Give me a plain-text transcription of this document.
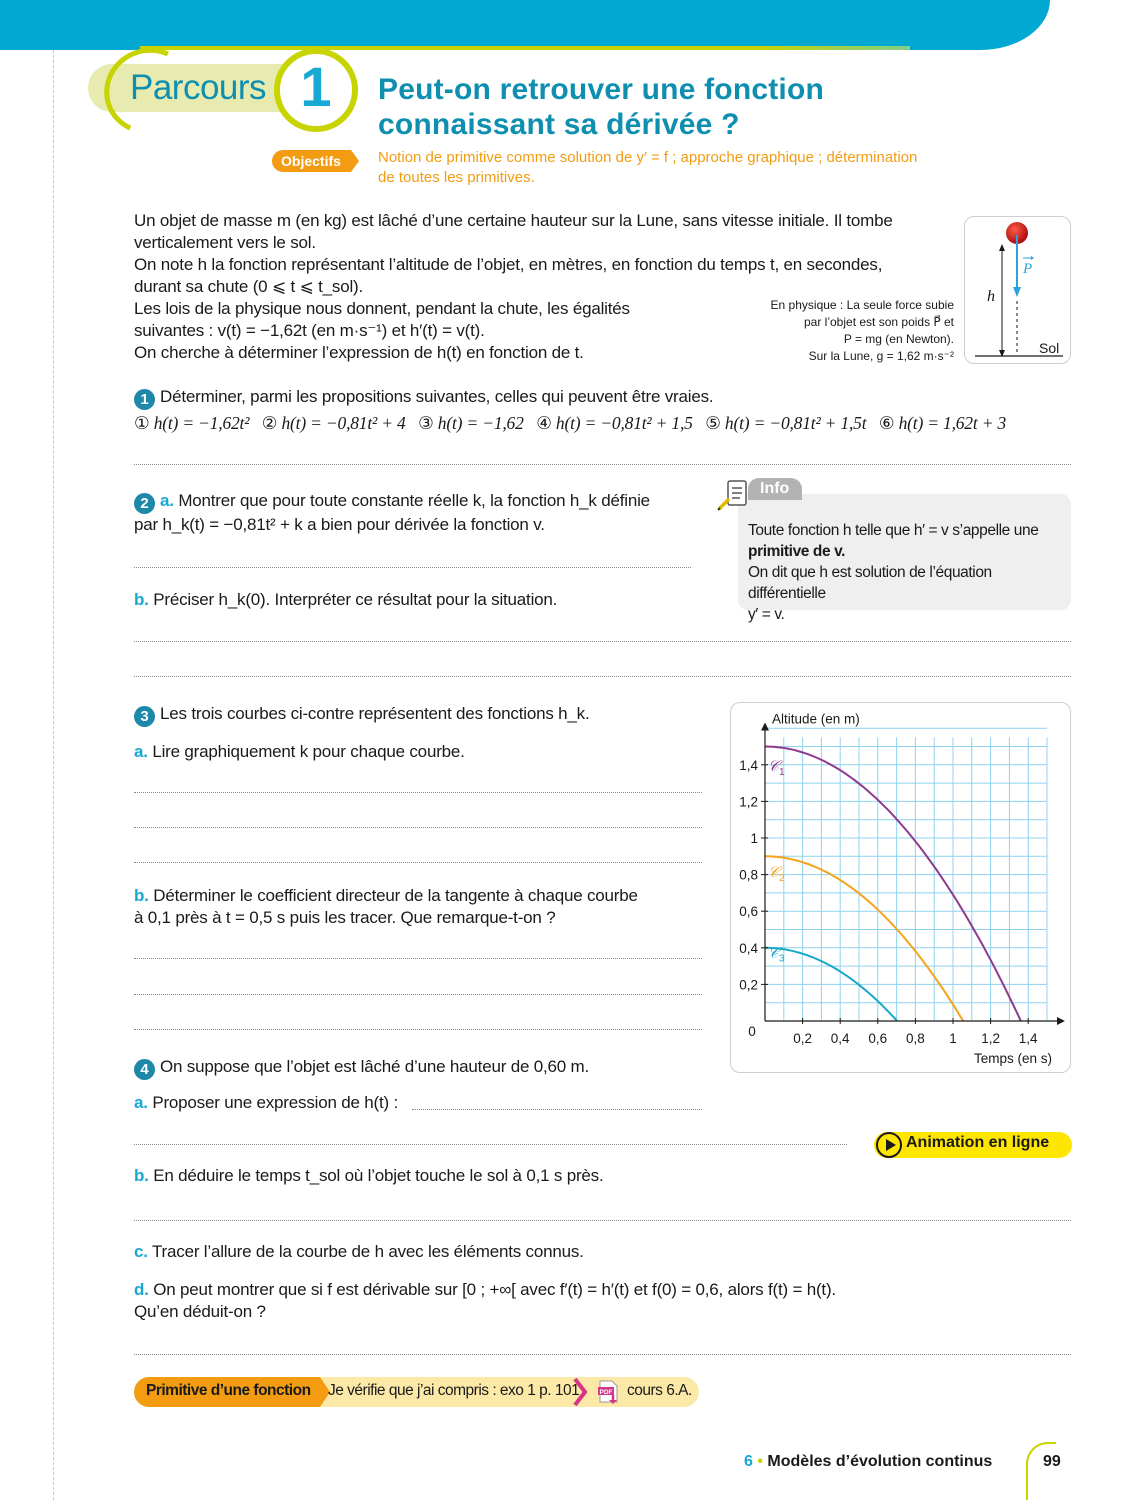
Parcours 1	Peut-on retrouver une fonction
connaissant sa dérivée ?
Objectifs	Notion de primitive comme solution de y′ = f ; approche graphique ; détermination
de toutes les primitives.
Un objet de masse m (en kg) est lâché d’une certaine hauteur sur la Lune, sans vitesse initiale. Il tombe
verticalement vers le sol.
On note h la fonction représentant l’altitude de l’objet, en mètres, en fonction du temps t, en secondes,
durant sa chute (0 ⩽ t ⩽ t_sol).
Les lois de la physique nous donnent, pendant la chute, les égalités
suivantes : v(t) = −1,62t (en m·s⁻¹) et h′(t) = v(t).
On cherche à déterminer l’expression de h(t) en fonction de t.
En physique : La seule force subie
par l’objet est son poids P⃗ et
P = mg (en Newton).
Sur la Lune, g = 1,62 m·s⁻²
P
h
Sol
1 Déterminer, parmi les propositions suivantes, celles qui peuvent être vraies.
① h(t) = −1,62t² ② h(t) = −0,81t² + 4 ③ h(t) = −1,62 ④ h(t) = −0,81t² + 1,5 ⑤ h(t) = −0,81t² + 1,5t ⑥ h(t) = 1,62t + 3
2 a. Montrer que pour toute constante réelle k, la fonction h_k définie
par h_k(t) = −0,81t² + k a bien pour dérivée la fonction v.
b. Préciser h_k(0). Interpréter ce résultat pour la situation.
Info
Toute fonction h telle que h′ = v s’appelle une
primitive de v.
On dit que h est solution de l’équation différentielle
y′ = v.
3 Les trois courbes ci-contre représentent des fonctions h_k.
a. Lire graphiquement k pour chaque courbe.
b. Déterminer le coefficient directeur de la tangente à chaque courbe
à 0,1 près à t = 0,5 s puis les tracer. Que remarque-t-on ?
0,2 0,4 0,6 0,8 1 1,2 1,4
0,2
0,4
0,6
0,8
1
1,2
1,4
0
Altitude (en m)
Temps (en s)
𝒞$_1$
𝒞$_2$
𝒞$_3$
4 On suppose que l’objet est lâché d’une hauteur de 0,60 m.
a. Proposer une expression de h(t) :
Animation en ligne
b. En déduire le temps t_sol où l’objet touche le sol à 0,1 s près.
c. Tracer l’allure de la courbe de h avec les éléments connus.
d. On peut montrer que si f est dérivable sur [0 ; +∞[ avec f′(t) = h′(t) et f(0) = 0,6, alors f(t) = h(t).
Qu’en déduit-on ?
Primitive d’une fonction Je vérifie que j’ai compris : exo 1 p. 101	PDF cours 6.A.
6 • Modèles d’évolution continus	99
